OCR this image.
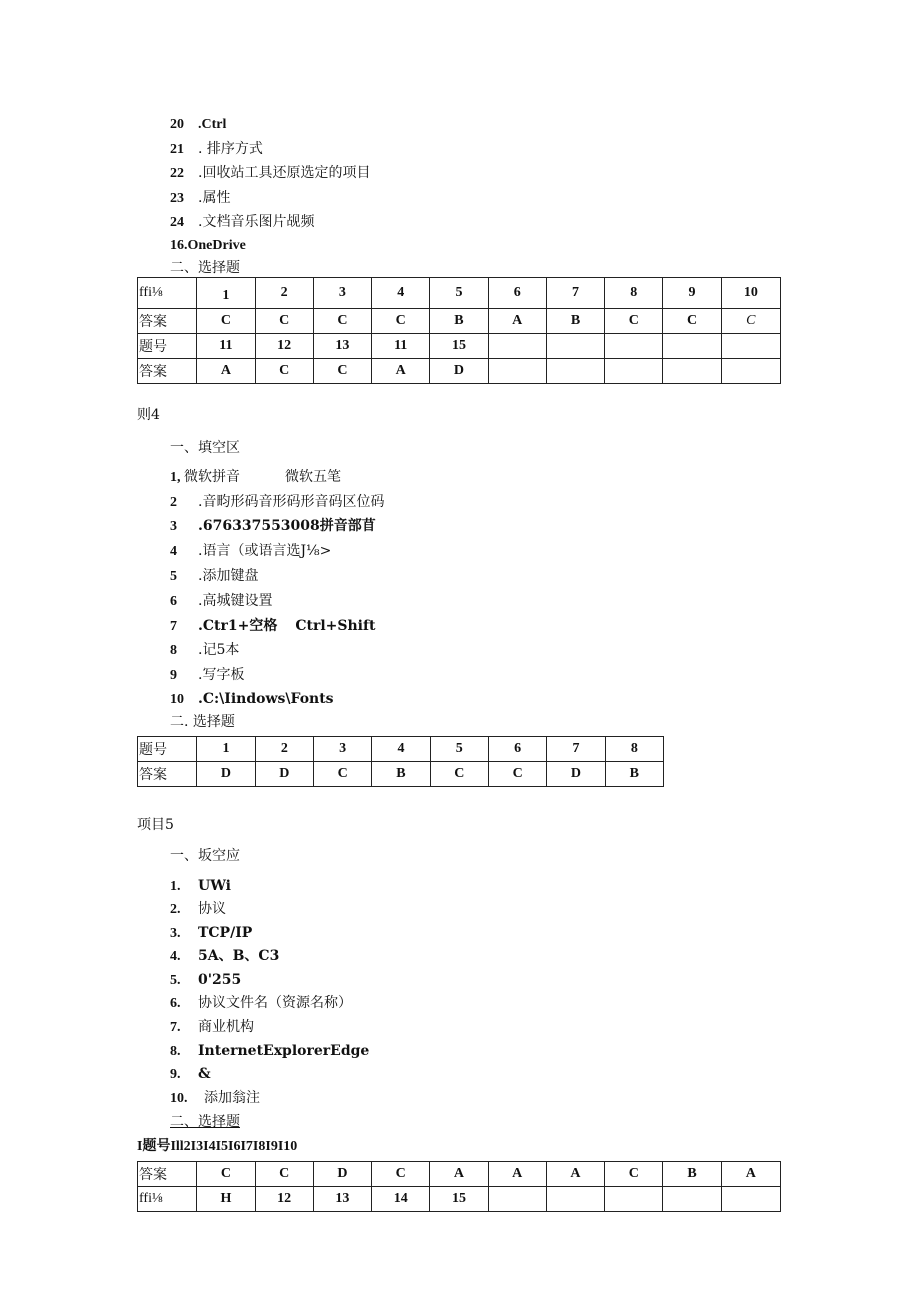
20 .Ctrl
21 . 排序方式
22 .回收站工具还原选定的项目
23 .属性
24 .文档音乐图片觇频
16.OneDrive
二、选择题
ffi⅛	1	2	3	4	5	6	7	8	9	10
答案	C	C	C	C	B	A	B	C	C	C
题号	11	12	13	11	15					
答案	A	C	C	A	D					
则4
一、填空区
1, 微软拼音	微软五笔
2 .音畇形码音形码形音码区位码
3 .676337553008拼音部苜
4 .语言（或语言选J⅛>
5 .添加键盘
6 .高城键设置
7 .Ctr1+空格 Ctrl+Shift
8 .记5本
9 .写字板
10 .C:\Iindows\Fonts
二. 选择题
题号	1	2	3	4	5	6	7	8
答案	D	D	C	B	C	C	D	B
项目5
一、坂空应
1. UWi
2. 协议
3. TCP/IP
4. 5A、B、C3
5. 0'255
6. 协议文件名（资源名称）
7. 商业机构
8. InternetExplorerEdge
9. &
10. 添加翁注
二、选择题
I题号Ill2I3I4I5I6I7I8I9I10
答案	C	C	D	C	A	A	A	C	B	A
ffi⅛	H	12	13	14	15					
